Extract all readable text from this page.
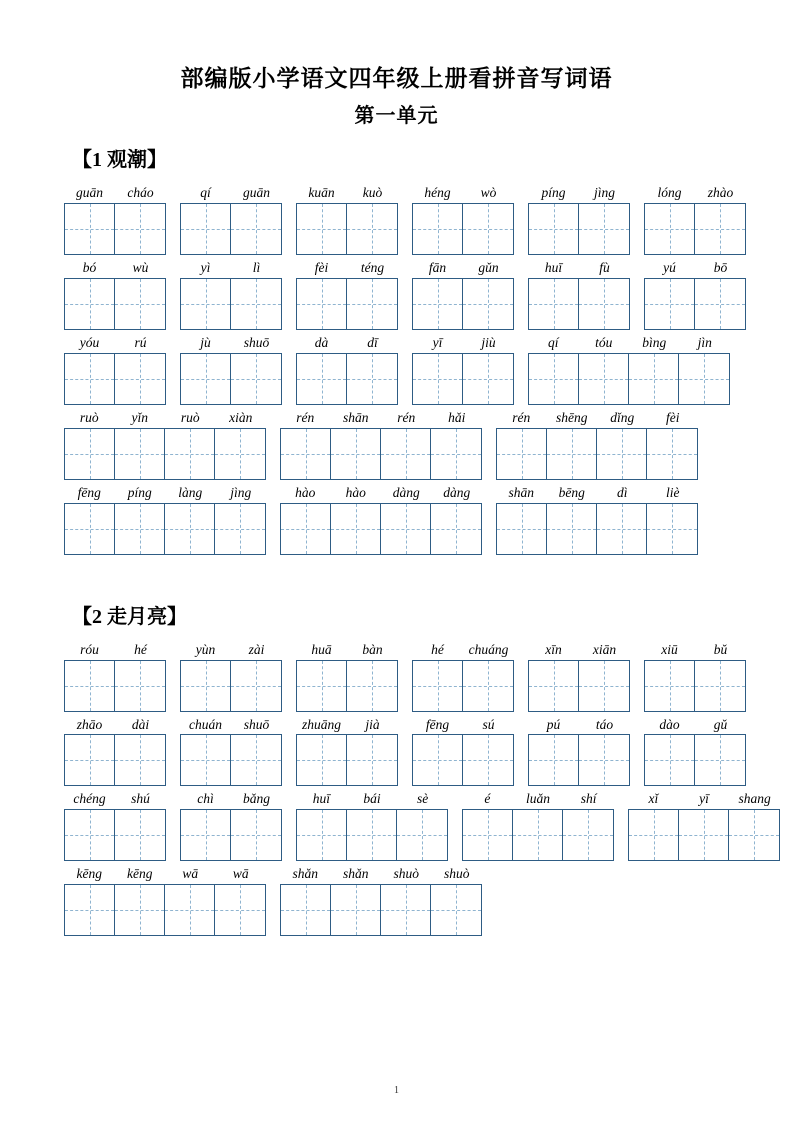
部编版小学语文四年级上册看拼音写词语
第一单元
【1 观潮】
guān	cháo	qí	guān	kuān	kuò	héng	wò	píng	jìng	lóng	zhào
bó	wù	yì	lì	fèi	téng	fān	gǔn	huī	fù	yú	bō
yóu	rú	jù	shuō	dà	dī	yī	jiù	qí	tóu	bìng	jìn
ruò	yǐn	ruò	xiàn	rén	shān	rén	hǎi	rén	shēng	dǐng	fèi
fēng	píng	làng	jìng	hào	hào	dàng	dàng	shān	bēng	dì	liè
【2 走月亮】
róu	hé	yùn	zài	huā	bàn	hé	chuáng	xīn	xiān	xiū	bǔ
zhāo	dài	chuán	shuō	zhuāng	jià	fēng	sú	pú	táo	dào	gǔ
chéng	shú	chì	bǎng	huī	bái	sè	é	luǎn	shí	xǐ	yī	shang
kēng	kēng	wā	wā	shǎn	shǎn	shuò	shuò
1
